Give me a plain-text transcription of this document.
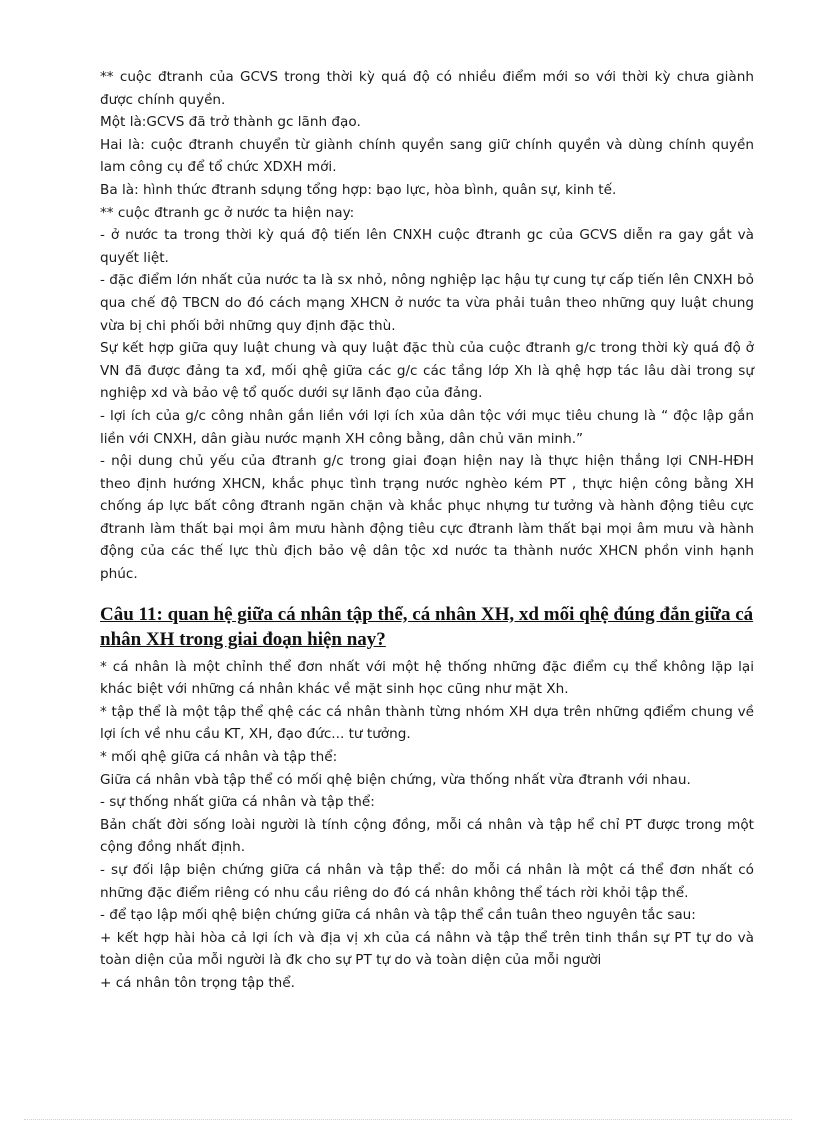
** cuộc đtranh của GCVS trong thời kỳ quá độ có nhiều điểm mới so với thời kỳ chưa giành được chính quyền.

Một là:GCVS đã trở thành gc lãnh đạo.

Hai là: cuộc đtranh chuyển từ giành chính quyền sang giữ chính quyền và dùng chính quyền lam công cụ để tổ chức XDXH mới.

Ba là: hình thức đtranh sdụng tổng hợp: bạo lực, hòa bình, quân sự, kinh tế.

** cuộc đtranh gc ở nước ta hiện nay:

- ở nước ta trong thời kỳ quá độ tiến lên CNXH cuộc đtranh gc của GCVS diễn ra gay gắt và quyết liệt.

- đặc điểm lớn nhất của nước ta là sx nhỏ, nông nghiệp lạc hậu tự cung tự cấp tiến lên CNXH bỏ qua chế độ TBCN do đó cách mạng XHCN ở nước ta vừa phải tuân theo những quy luật chung vừa bị chi phối bởi những quy định đặc thù.

Sự kết hợp giữa quy luật chung và quy luật đặc thù của cuộc đtranh g/c trong thời kỳ quá độ ở VN đã được đảng ta xđ, mối qhệ giữa các g/c các tầng lớp Xh là qhệ hợp tác lâu dài trong sự nghiệp xd và bảo vệ tổ quốc dưới sự lãnh đạo của đảng.

- lợi ích của g/c công nhân gắn liền với lợi ích xủa dân tộc với mục tiêu chung là “ độc lập gắn liền với CNXH, dân giàu nước mạnh XH công bằng, dân chủ văn minh.”

- nội dung chủ yếu của đtranh g/c trong giai đoạn hiện nay là thực hiện thắng lợi CNH-HĐH theo định hướng XHCN, khắc phục tình trạng nước nghèo kém PT , thực hiện công bằng XH chống áp lực bất công đtranh ngăn chặn và khắc phục nhựng tư tưởng và hành động tiêu cực đtranh làm thất bại mọi âm mưu hành động tiêu cực đtranh làm thất bại mọi âm mưu và hành động của các thế lực thù địch bảo vệ dân tộc xd nước ta thành nước XHCN phồn vinh hạnh phúc.

Câu 11: quan hệ giữa cá nhân tập thể, cá nhân XH, xd mối qhệ đúng đắn giữa cá nhân XH trong giai đoạn hiện nay?

* cá nhân là một chỉnh thể đơn nhất với một hệ thống những đặc điểm cụ thể không lặp lại khác biệt với những cá nhân khác về mặt sinh học cũng như mặt Xh.

* tập thể là một tập thể qhệ các cá nhân thành từng nhóm XH dựa trên những qđiểm chung về lợi ích về nhu cầu KT, XH, đạo đức... tư tưởng.

* mối qhệ giữa cá nhân và tập thể:

Giữa cá nhân vbà tập thể có mối qhệ biện chứng, vừa thống nhất vừa đtranh với nhau.

- sự thống nhất giữa cá nhân và tập thể:

Bản chất đời sống loài người là tính cộng đồng, mỗi cá nhân và tập hể chỉ PT được trong một cộng đồng nhất định.

- sự đối lập biện chứng giữa cá nhân và tập thể: do mỗi cá nhân là một cá thể đơn nhất có những đặc điểm riêng có nhu cầu riêng do đó cá nhân không thể tách rời khỏi tập thể.

- để tạo lập mối qhệ biện chứng giữa cá nhân và tập thể cần tuân theo nguyên tắc sau:

+ kết hợp hài hòa cả lợi ích và địa vị xh của cá nâhn và tập thể trên tinh thần sự PT tự do và toàn diện của mỗi người là đk cho sự PT tự do và toàn diện của mỗi người

+ cá nhân tôn trọng tập thể.
